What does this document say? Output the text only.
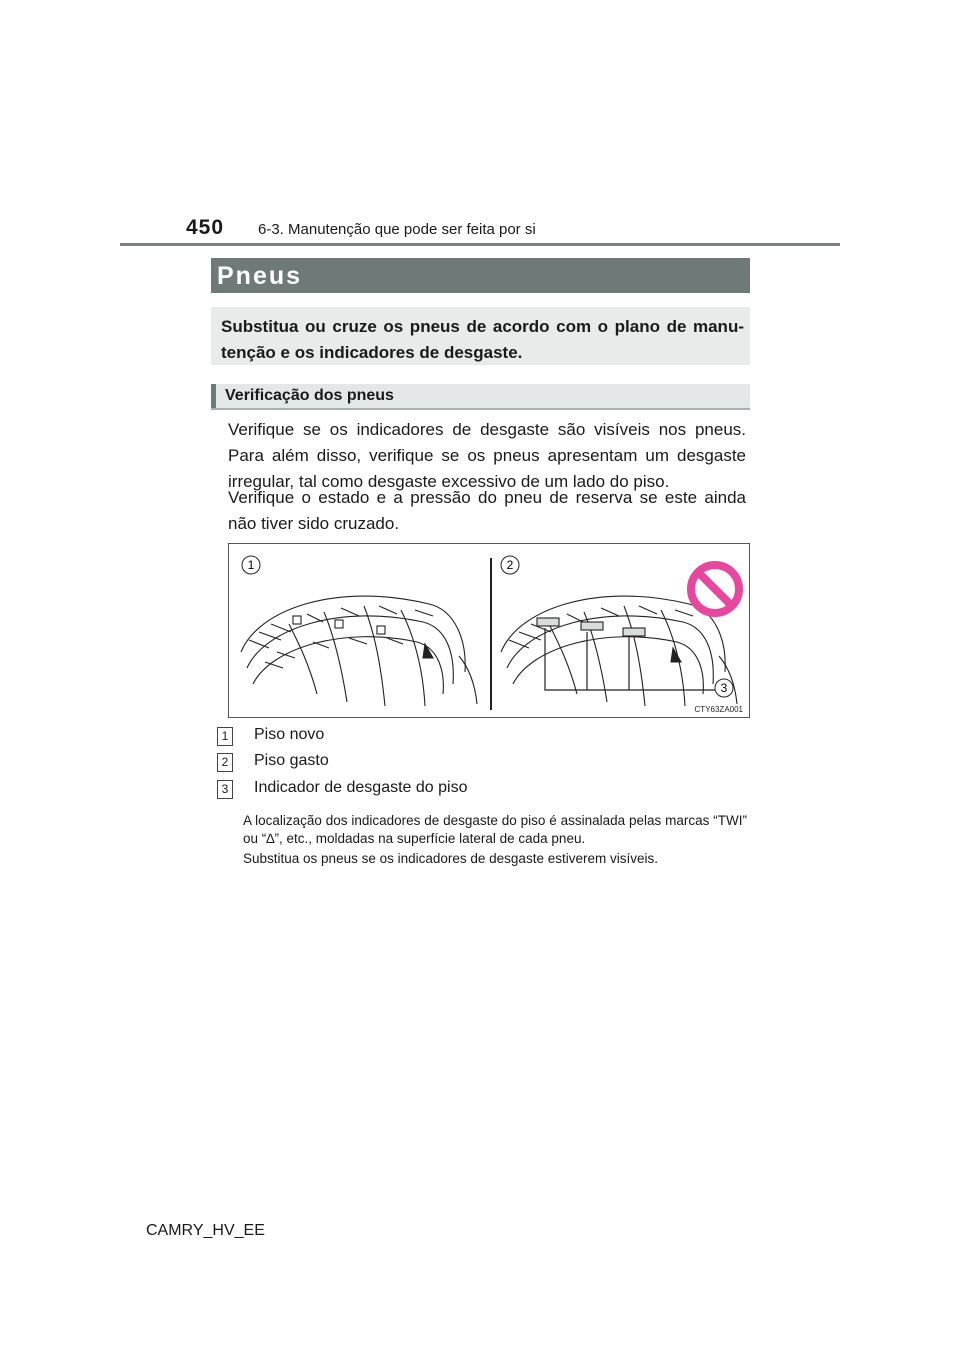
450 6-3. Manutenção que pode ser feita por si
Pneus

Substitua ou cruze os pneus de acordo com o plano de manu-tenção e os indicadores de desgaste.

Verificação dos pneus

Verifique se os indicadores de desgaste são visíveis nos pneus. Para além disso, verifique se os pneus apresentam um desgaste irregular, tal como desgaste excessivo de um lado do piso.

Verifique o estado e a pressão do pneu de reserva se este ainda não tiver sido cruzado.

1	2
3
CTY63ZA001
1 Piso novo
2 Piso gasto
3 Indicador de desgaste do piso

A localização dos indicadores de desgaste do piso é assinalada pelas marcas “TWI” ou “∆”, etc., moldadas na superfície lateral de cada pneu.

Substitua os pneus se os indicadores de desgaste estiverem visíveis.

CAMRY_HV_EE
